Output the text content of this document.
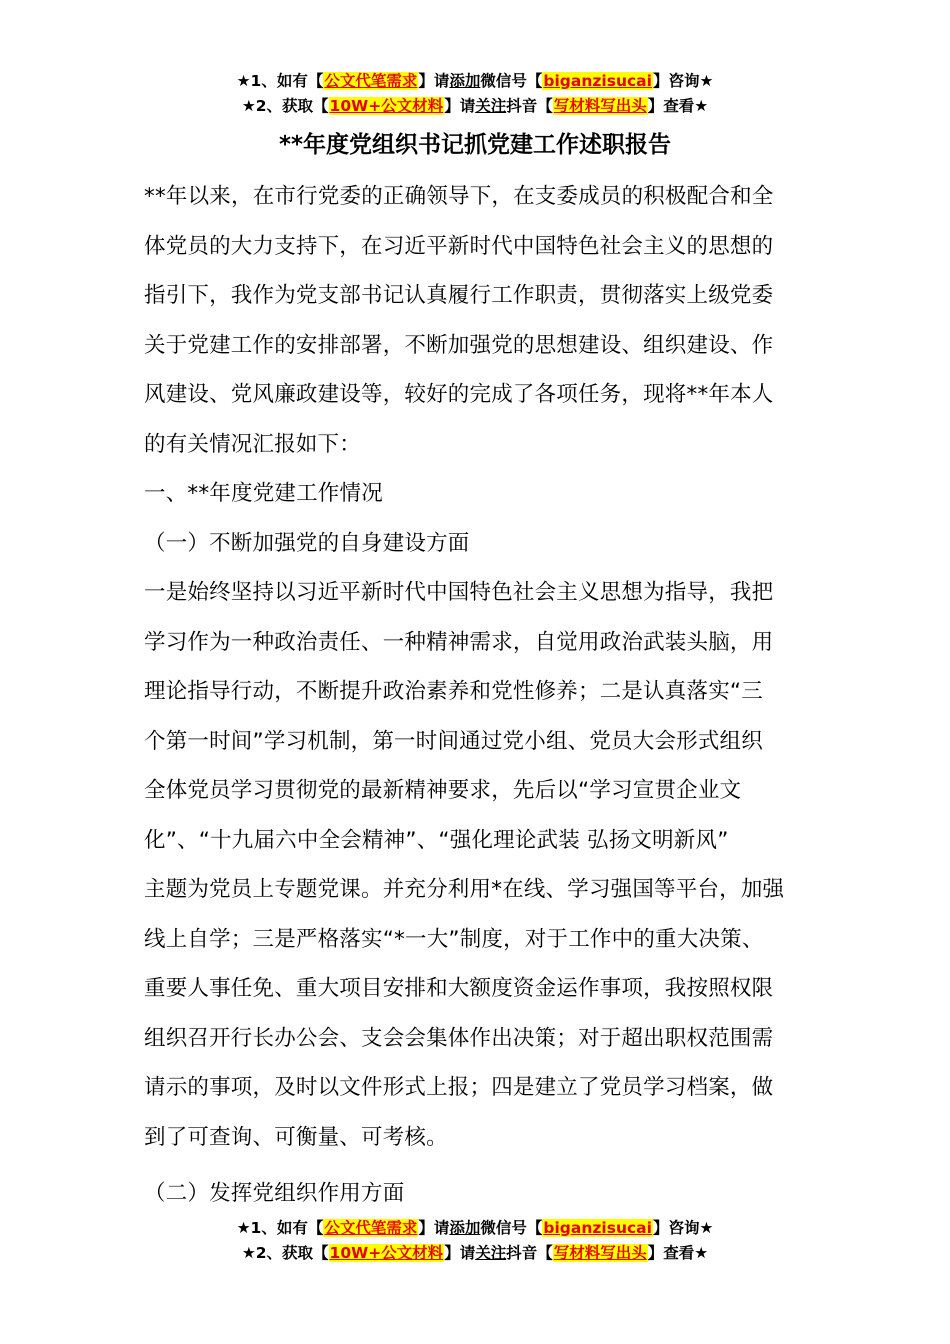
★1、如有【公文代笔需求】请添加微信号【biganzisucai】咨询★
★2、获取【10W+公文材料】请关注抖音【写材料写出头】查看★
**年度党组织书记抓党建工作述职报告

**年以来，在市行党委的正确领导下，在支委成员的积极配合和全
体党员的大力支持下，在习近平新时代中国特色社会主义的思想的
指引下，我作为党支部书记认真履行工作职责，贯彻落实上级党委
关于党建工作的安排部署，不断加强党的思想建设、组织建设、作
风建设、党风廉政建设等，较好的完成了各项任务，现将**年本人
的有关情况汇报如下：

一、**年度党建工作情况

（一）不断加强党的自身建设方面

一是始终坚持以习近平新时代中国特色社会主义思想为指导，我把
学习作为一种政治责任、一种精神需求，自觉用政治武装头脑，用
理论指导行动，不断提升政治素养和党性修养；二是认真落实“三
个第一时间”学习机制，第一时间通过党小组、党员大会形式组织
全体党员学习贯彻党的最新精神要求，先后以“学习宣贯企业文
化”、“十九届六中全会精神”、“强化理论武装 弘扬文明新风”
主题为党员上专题党课。并充分利用*在线、学习强国等平台，加强
线上自学；三是严格落实“*一大”制度，对于工作中的重大决策、
重要人事任免、重大项目安排和大额度资金运作事项，我按照权限
组织召开行长办公会、支会会集体作出决策；对于超出职权范围需
请示的事项，及时以文件形式上报；四是建立了党员学习档案，做
到了可查询、可衡量、可考核。

（二）发挥党组织作用方面

★1、如有【公文代笔需求】请添加微信号【biganzisucai】咨询★
★2、获取【10W+公文材料】请关注抖音【写材料写出头】查看★
